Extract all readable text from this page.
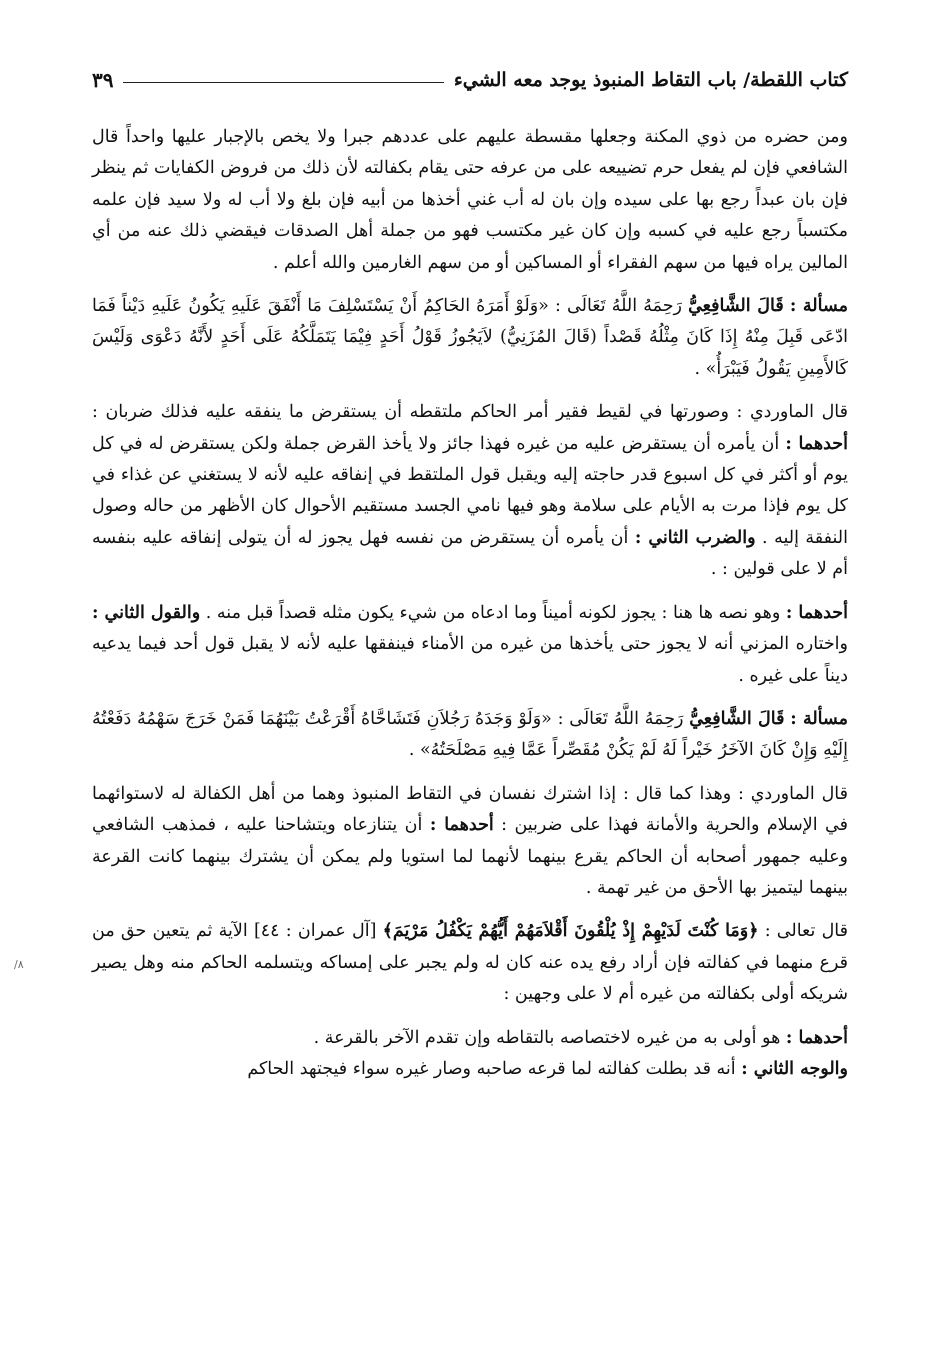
٨/
كتاب اللقطة/ باب التقاط المنبوذ يوجد معه الشيء
٣٩

ومن حضره من ذوي المكنة وجعلها مقسطة عليهم على عددهم جبرا ولا يخص بالإجبار عليها واحداً قال الشافعي فإن لم يفعل حرم تضييعه على من عرفه حتى يقام بكفالته لأن ذلك من فروض الكفايات ثم ينظر فإن بان عبداً رجع بها على سيده وإن بان له أب غني أخذها من أبيه فإن بلغ ولا أب له ولا سيد فإن علمه مكتسباً رجع عليه في كسبه وإن كان غير مكتسب فهو من جملة أهل الصدقات فيقضي ذلك عنه من أي المالين يراه فيها من سهم الفقراء أو المساكين أو من سهم الغارمين والله أعلم .

مسألة : قَالَ الشَّافِعِيُّ رَحِمَهُ اللَّهُ تَعَالَى : «وَلَوْ أَمَرَهُ الحَاكِمُ أَنْ يَسْتَسْلِفَ مَا أَنْفَقَ عَلَيهِ يَكُونُ عَلَيهِ دَيْناً فَمَا ادّعَى قَبِلَ مِنْهُ إِذَا كَانَ مِثْلُهُ قَصْداً (قَالَ المُزَنِيُّ) لاَيَجُوزُ قَوْلُ أَحَدٍ فِيْمَا يَتَمَلَّكُهُ عَلَى أَحَدٍ لأَنَّهُ دَعْوَى وَلَيْسَ كَالأَمِينِ يَقُولُ فَيَبْرَأُ» .

قال الماوردي : وصورتها في لقيط فقير أمر الحاكم ملتقطه أن يستقرض ما ينفقه عليه فذلك ضربان : أحدهما : أن يأمره أن يستقرض عليه من غيره فهذا جائز ولا يأخذ القرض جملة ولكن يستقرض له في كل يوم أو أكثر في كل اسبوع قدر حاجته إليه ويقبل قول الملتقط في إنفاقه عليه لأنه لا يستغني عن غذاء في كل يوم فإذا مرت به الأيام على سلامة وهو فيها نامي الجسد مستقيم الأحوال كان الأظهر من حاله وصول النفقة إليه . والضرب الثاني : أن يأمره أن يستقرض من نفسه فهل يجوز له أن يتولى إنفاقه عليه بنفسه أم لا على قولين : .

أحدهما : وهو نصه ها هنا : يجوز لكونه أميناً وما ادعاه من شيء يكون مثله قصداً قبل منه . والقول الثاني : واختاره المزني أنه لا يجوز حتى يأخذها من غيره من الأمناء فينفقها عليه لأنه لا يقبل قول أحد فيما يدعيه ديناً على غيره .

مسألة : قَالَ الشَّافِعِيُّ رَحِمَهُ اللَّهُ تَعَالَى : «وَلَوْ وَجَدَهُ رَجُلاَنِ فَتَشَاحَّاهُ أَقْرَعْتُ بَيْنَهُمَا فَمَنْ خَرَجَ سَهْمُهُ دَفَعْتُهُ إِلَيْهِ وَإِنْ كَانَ الآخَرُ خَيْراً لَهُ لَمْ يَكُنْ مُقَصِّراً عَمَّا فِيهِ مَصْلَحَتُهُ» .

قال الماوردي : وهذا كما قال : إذا اشترك نفسان في التقاط المنبوذ وهما من أهل الكفالة له لاستوائهما في الإسلام والحرية والأمانة فهذا على ضربين : أحدهما : أن يتنازعاه ويتشاحنا عليه ، فمذهب الشافعي وعليه جمهور أصحابه أن الحاكم يقرع بينهما لأنهما لما استويا ولم يمكن أن يشترك بينهما كانت القرعة بينهما ليتميز بها الأحق من غير تهمة .

قال تعالى : ﴿وَمَا كُنْتَ لَدَيْهِمْ إِذْ يُلْقُونَ أَقْلاَمَهُمْ أَيُّهُمْ يَكْفُلُ مَرْيَمَ﴾ [آل عمران : ٤٤] الآية ثم يتعين حق من قرع منهما في كفالته فإن أراد رفع يده عنه كان له ولم يجبر على إمساكه ويتسلمه الحاكم منه وهل يصير شريكه أولى بكفالته من غيره أم لا على وجهين :

أحدهما : هو أولى به من غيره لاختصاصه بالتقاطه وإن تقدم الآخر بالقرعة .

والوجه الثاني : أنه قد بطلت كفالته لما قرعه صاحبه وصار غيره سواء فيجتهد الحاكم
